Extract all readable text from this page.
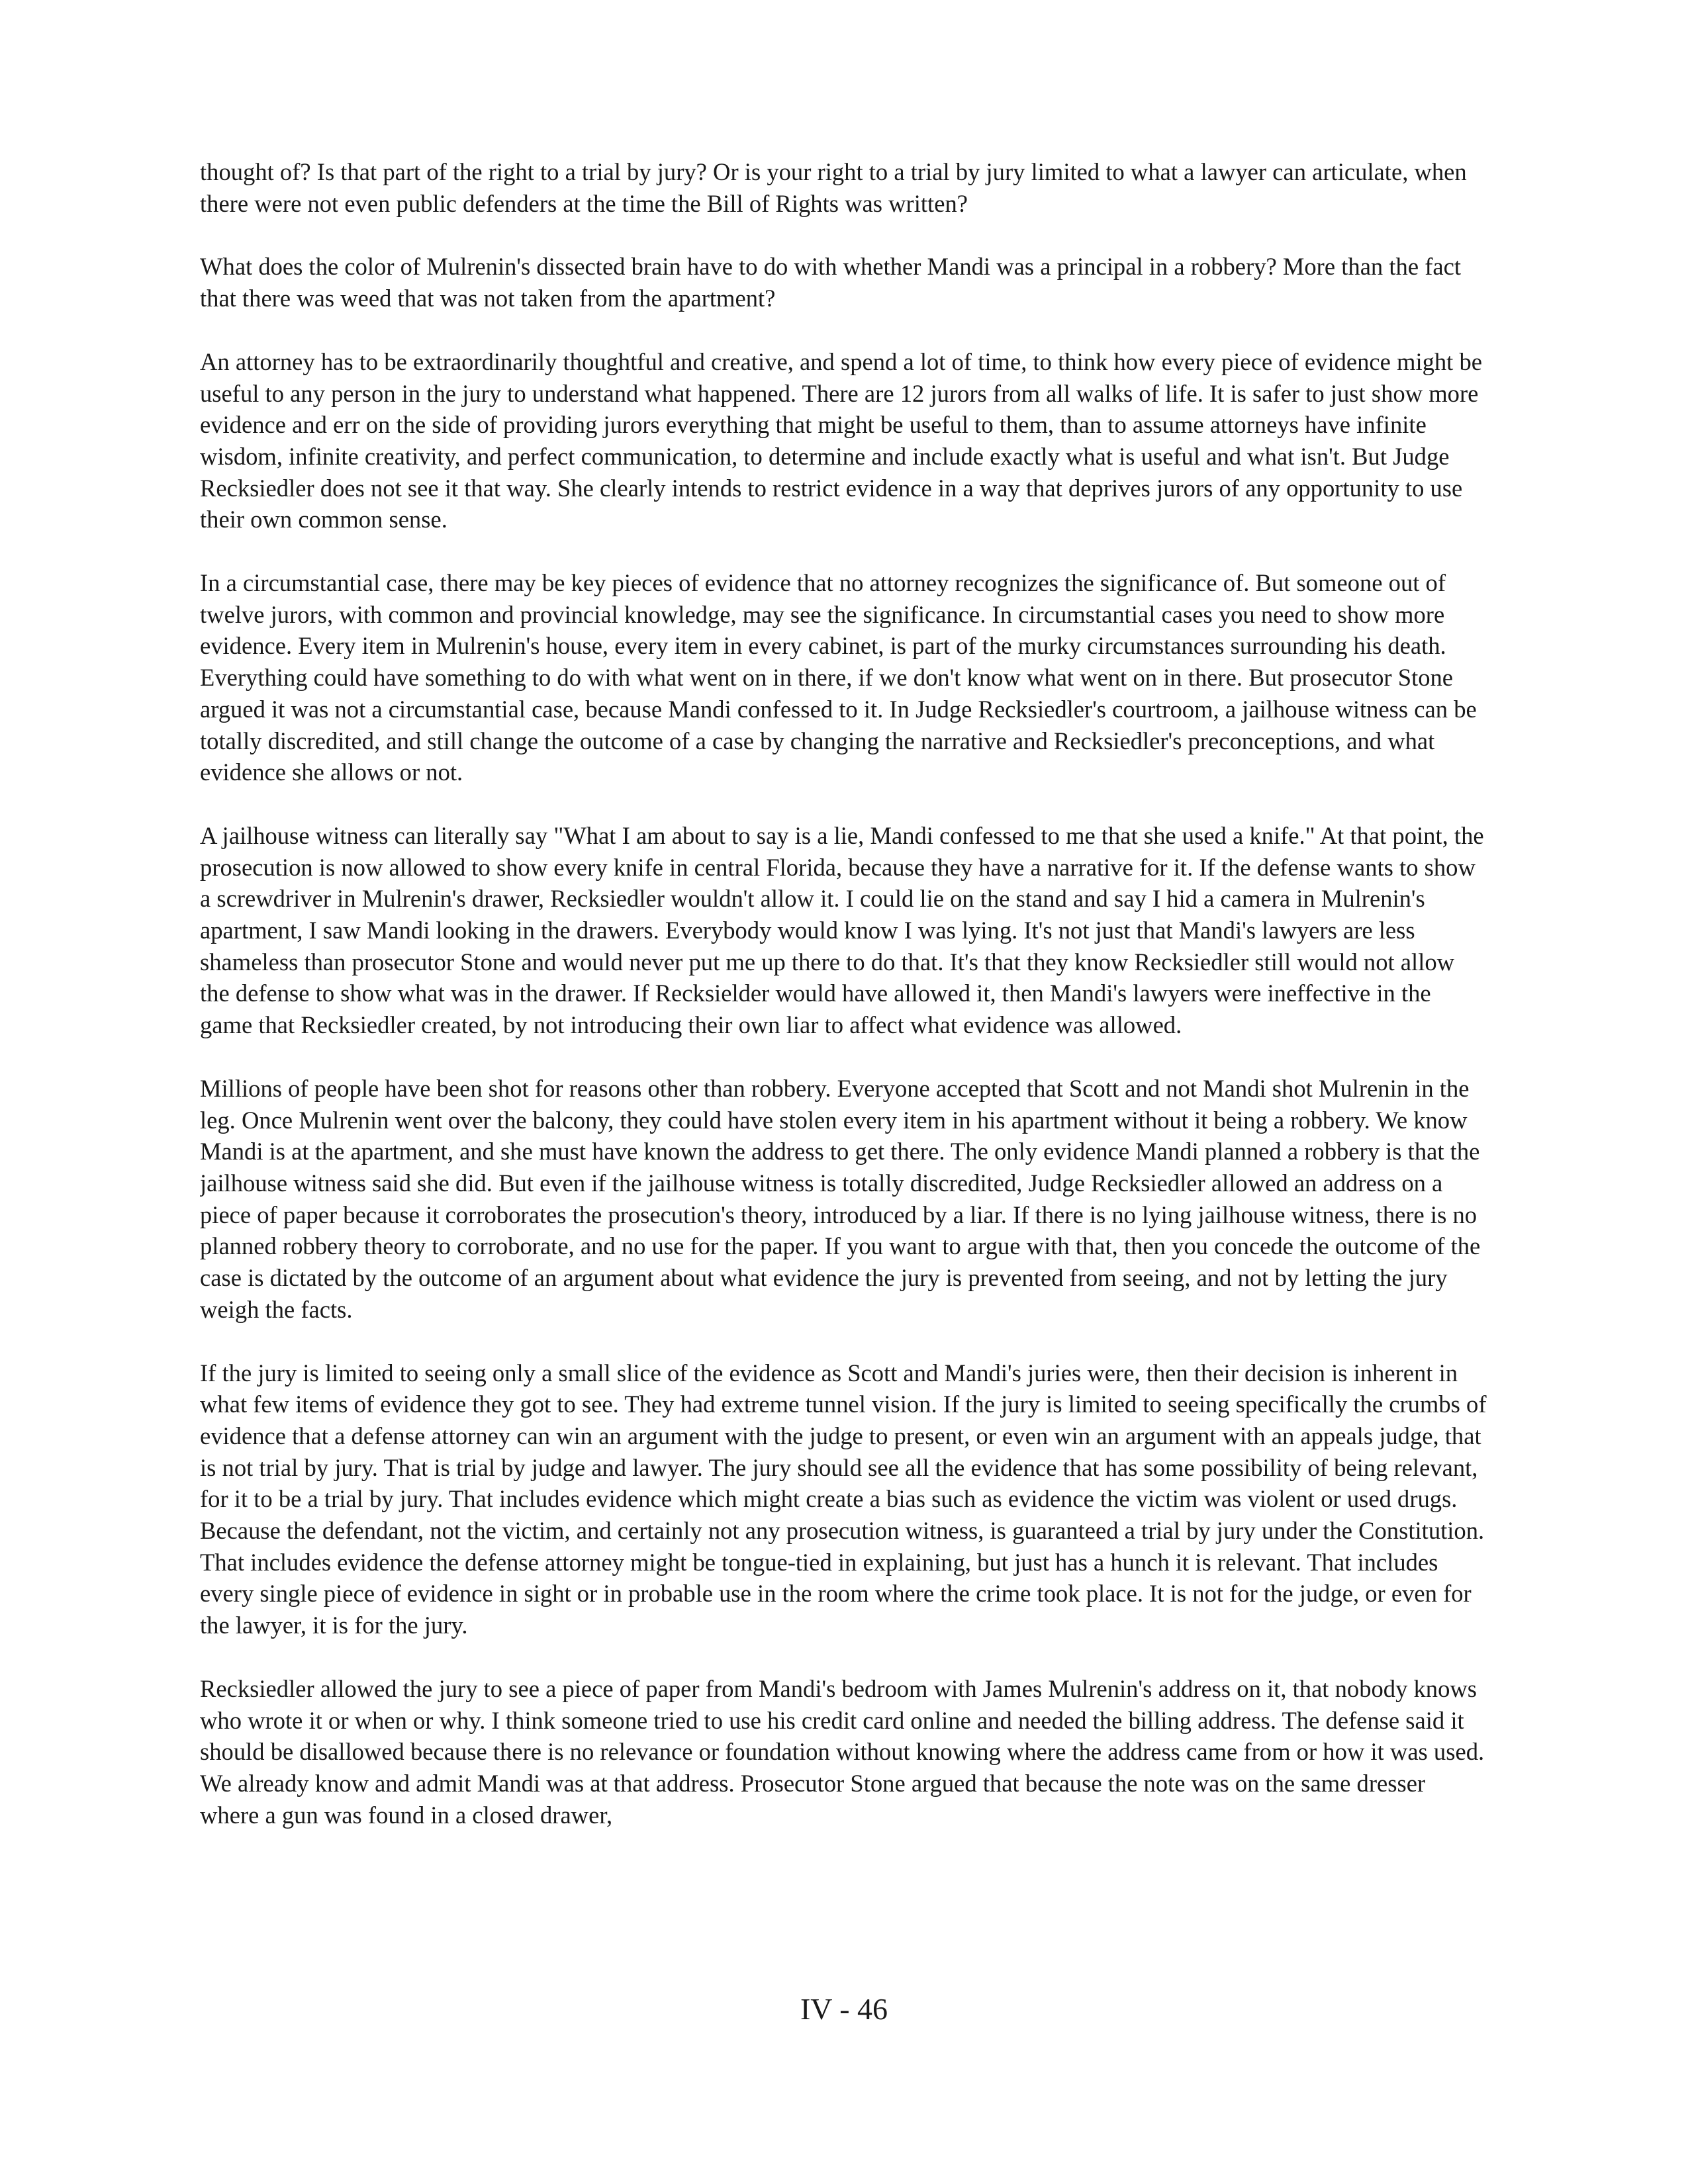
thought of? Is that part of the right to a trial by jury? Or is your right to a trial by jury limited to what a lawyer can articulate, when there were not even public defenders at the time the Bill of Rights was written?

What does the color of Mulrenin's dissected brain have to do with whether Mandi was a principal in a robbery? More than the fact that there was weed that was not taken from the apartment?

An attorney has to be extraordinarily thoughtful and creative, and spend a lot of time, to think how every piece of evidence might be useful to any person in the jury to understand what happened. There are 12 jurors from all walks of life. It is safer to just show more evidence and err on the side of providing jurors everything that might be useful to them, than to assume attorneys have infinite wisdom, infinite creativity, and perfect communication, to determine and include exactly what is useful and what isn't. But Judge Recksiedler does not see it that way. She clearly intends to restrict evidence in a way that deprives jurors of any opportunity to use their own common sense.

In a circumstantial case, there may be key pieces of evidence that no attorney recognizes the significance of. But someone out of twelve jurors, with common and provincial knowledge, may see the significance. In circumstantial cases you need to show more evidence. Every item in Mulrenin's house, every item in every cabinet, is part of the murky circumstances surrounding his death. Everything could have something to do with what went on in there, if we don't know what went on in there. But prosecutor Stone argued it was not a circumstantial case, because Mandi confessed to it. In Judge Recksiedler's courtroom, a jailhouse witness can be totally discredited, and still change the outcome of a case by changing the narrative and Recksiedler's preconceptions, and what evidence she allows or not.

A jailhouse witness can literally say "What I am about to say is a lie, Mandi confessed to me that she used a knife." At that point, the prosecution is now allowed to show every knife in central Florida, because they have a narrative for it. If the defense wants to show a screwdriver in Mulrenin's drawer, Recksiedler wouldn't allow it. I could lie on the stand and say I hid a camera in Mulrenin's apartment, I saw Mandi looking in the drawers. Everybody would know I was lying. It's not just that Mandi's lawyers are less shameless than prosecutor Stone and would never put me up there to do that. It's that they know Recksiedler still would not allow the defense to show what was in the drawer. If Recksielder would have allowed it, then Mandi's lawyers were ineffective in the game that Recksiedler created, by not introducing their own liar to affect what evidence was allowed.

Millions of people have been shot for reasons other than robbery. Everyone accepted that Scott and not Mandi shot Mulrenin in the leg. Once Mulrenin went over the balcony, they could have stolen every item in his apartment without it being a robbery. We know Mandi is at the apartment, and she must have known the address to get there. The only evidence Mandi planned a robbery is that the jailhouse witness said she did. But even if the jailhouse witness is totally discredited, Judge Recksiedler allowed an address on a piece of paper because it corroborates the prosecution's theory, introduced by a liar. If there is no lying jailhouse witness, there is no planned robbery theory to corroborate, and no use for the paper. If you want to argue with that, then you concede the outcome of the case is dictated by the outcome of an argument about what evidence the jury is prevented from seeing, and not by letting the jury weigh the facts.

If the jury is limited to seeing only a small slice of the evidence as Scott and Mandi's juries were, then their decision is inherent in what few items of evidence they got to see. They had extreme tunnel vision. If the jury is limited to seeing specifically the crumbs of evidence that a defense attorney can win an argument with the judge to present, or even win an argument with an appeals judge, that is not trial by jury. That is trial by judge and lawyer. The jury should see all the evidence that has some possibility of being relevant, for it to be a trial by jury. That includes evidence which might create a bias such as evidence the victim was violent or used drugs. Because the defendant, not the victim, and certainly not any prosecution witness, is guaranteed a trial by jury under the Constitution. That includes evidence the defense attorney might be tongue-tied in explaining, but just has a hunch it is relevant. That includes every single piece of evidence in sight or in probable use in the room where the crime took place. It is not for the judge, or even for the lawyer, it is for the jury.

Recksiedler allowed the jury to see a piece of paper from Mandi's bedroom with James Mulrenin's address on it, that nobody knows who wrote it or when or why. I think someone tried to use his credit card online and needed the billing address. The defense said it should be disallowed because there is no relevance or foundation without knowing where the address came from or how it was used. We already know and admit Mandi was at that address. Prosecutor Stone argued that because the note was on the same dresser where a gun was found in a closed drawer,

IV - 46
